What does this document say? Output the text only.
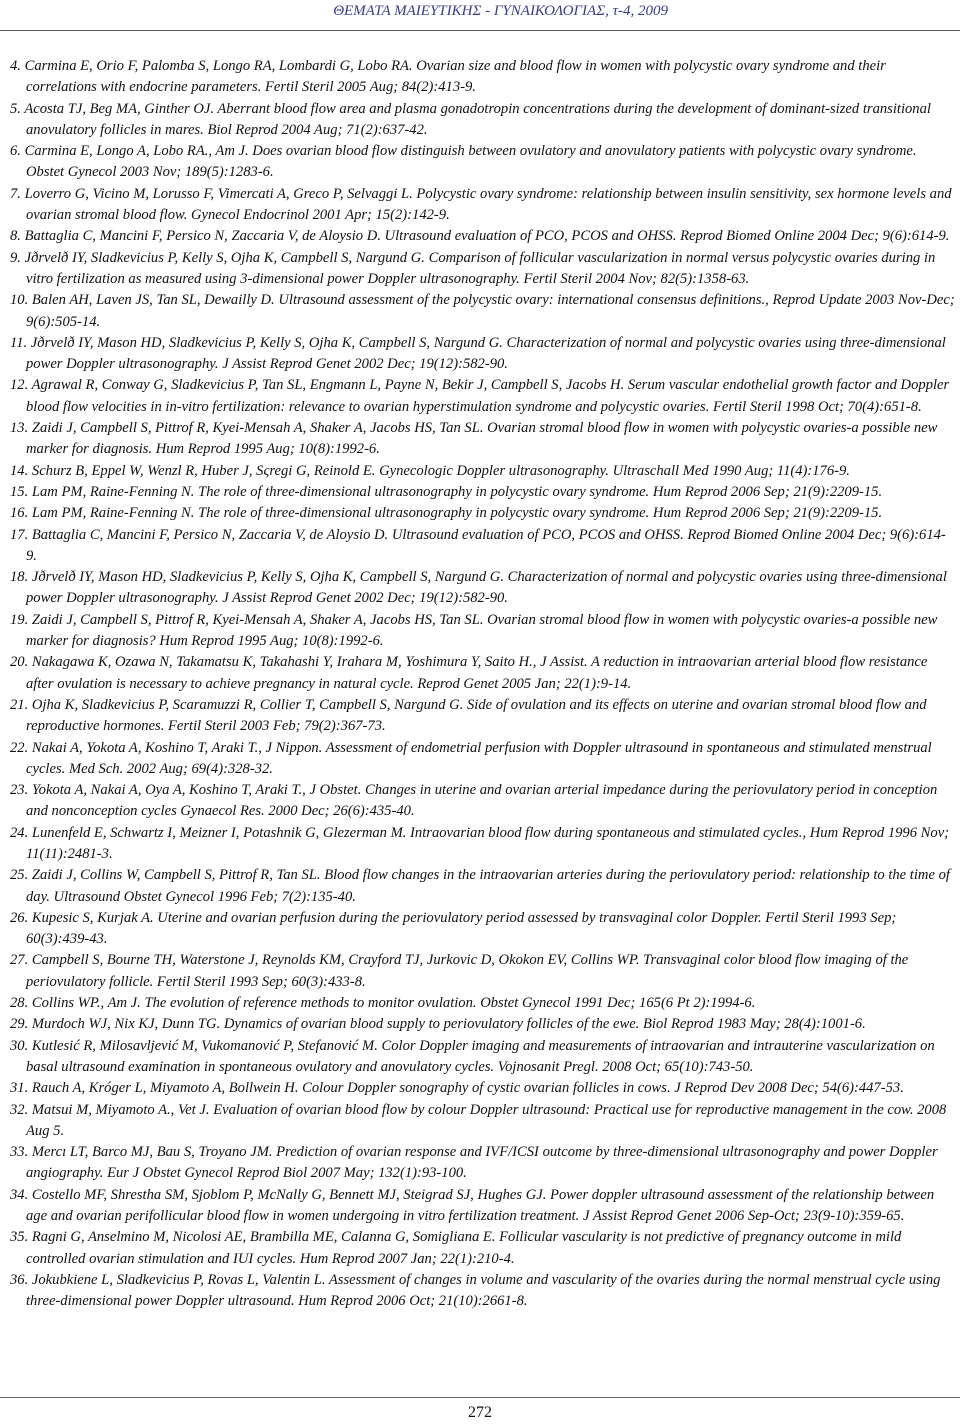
ΘΕΜΑΤΑ ΜΑΙΕΥΤΙΚΗΣ - ΓΥΝΑΙΚΟΛΟΓΙΑΣ, τ-4, 2009

4. Carmina E, Orio F, Palomba S, Longo RA, Lombardi G, Lobo RA. Ovarian size and blood flow in women with polycystic ovary syndrome and their correlations with endocrine parameters. Fertil Steril 2005 Aug; 84(2):413-9.

5. Acosta TJ, Beg MA, Ginther OJ. Aberrant blood flow area and plasma gonadotropin concentrations during the development of dominant-sized transitional anovulatory follicles in mares. Biol Reprod 2004 Aug; 71(2):637-42.

6. Carmina E, Longo A, Lobo RA., Am J. Does ovarian blood flow distinguish between ovulatory and anovulatory patients with polycystic ovary syndrome. Obstet Gynecol 2003 Nov; 189(5):1283-6.

7. Loverro G, Vicino M, Lorusso F, Vimercati A, Greco P, Selvaggi L. Polycystic ovary syndrome: relationship between insulin sensitivity, sex hormone levels and ovarian stromal blood flow. Gynecol Endocrinol 2001 Apr; 15(2):142-9.

8. Battaglia C, Mancini F, Persico N, Zaccaria V, de Aloysio D. Ultrasound evaluation of PCO, PCOS and OHSS. Reprod Biomed Online 2004 Dec; 9(6):614-9.

9. Jðrvelð IY, Sladkevicius P, Kelly S, Ojha K, Campbell S, Nargund G. Comparison of follicular vascularization in normal versus polycystic ovaries during in vitro fertilization as measured using 3-dimensional power Doppler ultrasonography. Fertil Steril 2004 Nov; 82(5):1358-63.

10. Balen AH, Laven JS, Tan SL, Dewailly D. Ultrasound assessment of the polycystic ovary: international consensus definitions., Reprod Update 2003 Nov-Dec; 9(6):505-14.

11. Jðrvelð IY, Mason HD, Sladkevicius P, Kelly S, Ojha K, Campbell S, Nargund G. Characterization of normal and polycystic ovaries using three-dimensional power Doppler ultrasonography. J Assist Reprod Genet 2002 Dec; 19(12):582-90.

12. Agrawal R, Conway G, Sladkevicius P, Tan SL, Engmann L, Payne N, Bekir J, Campbell S, Jacobs H. Serum vascular endothelial growth factor and Doppler blood flow velocities in in-vitro fertilization: relevance to ovarian hyperstimulation syndrome and polycystic ovaries. Fertil Steril 1998 Oct; 70(4):651-8.

13. Zaidi J, Campbell S, Pittrof R, Kyei-Mensah A, Shaker A, Jacobs HS, Tan SL. Ovarian stromal blood flow in women with polycystic ovaries-a possible new marker for diagnosis. Hum Reprod 1995 Aug; 10(8):1992-6.

14. Schurz B, Eppel W, Wenzl R, Huber J, Sςregi G, Reinold E. Gynecologic Doppler ultrasonography. Ultraschall Med 1990 Aug; 11(4):176-9.

15. Lam PM, Raine-Fenning N. The role of three-dimensional ultrasonography in polycystic ovary syndrome. Hum Reprod 2006 Sep; 21(9):2209-15.

16. Lam PM, Raine-Fenning N. The role of three-dimensional ultrasonography in polycystic ovary syndrome. Hum Reprod 2006 Sep; 21(9):2209-15.

17. Battaglia C, Mancini F, Persico N, Zaccaria V, de Aloysio D. Ultrasound evaluation of PCO, PCOS and OHSS. Reprod Biomed Online 2004 Dec; 9(6):614-9.

18. Jðrvelð IY, Mason HD, Sladkevicius P, Kelly S, Ojha K, Campbell S, Nargund G. Characterization of normal and polycystic ovaries using three-dimensional power Doppler ultrasonography. J Assist Reprod Genet 2002 Dec; 19(12):582-90.

19. Zaidi J, Campbell S, Pittrof R, Kyei-Mensah A, Shaker A, Jacobs HS, Tan SL. Ovarian stromal blood flow in women with polycystic ovaries-a possible new marker for diagnosis? Hum Reprod 1995 Aug; 10(8):1992-6.

20. Nakagawa K, Ozawa N, Takamatsu K, Takahashi Y, Irahara M, Yoshimura Y, Saito H., J Assist. A reduction in intraovarian arterial blood flow resistance after ovulation is necessary to achieve pregnancy in natural cycle. Reprod Genet 2005 Jan; 22(1):9-14.

21. Ojha K, Sladkevicius P, Scaramuzzi R, Collier T, Campbell S, Nargund G. Side of ovulation and its effects on uterine and ovarian stromal blood flow and reproductive hormones. Fertil Steril 2003 Feb; 79(2):367-73.

22. Nakai A, Yokota A, Koshino T, Araki T., J Nippon. Assessment of endometrial perfusion with Doppler ultrasound in spontaneous and stimulated menstrual cycles. Med Sch. 2002 Aug; 69(4):328-32.

23. Yokota A, Nakai A, Oya A, Koshino T, Araki T., J Obstet. Changes in uterine and ovarian arterial impedance during the periovulatory period in conception and nonconception cycles Gynaecol Res. 2000 Dec; 26(6):435-40.

24. Lunenfeld E, Schwartz I, Meizner I, Potashnik G, Glezerman M. Intraovarian blood flow during spontaneous and stimulated cycles., Hum Reprod 1996 Nov; 11(11):2481-3.

25. Zaidi J, Collins W, Campbell S, Pittrof R, Tan SL. Blood flow changes in the intraovarian arteries during the periovulatory period: relationship to the time of day. Ultrasound Obstet Gynecol 1996 Feb; 7(2):135-40.

26. Kupesic S, Kurjak A. Uterine and ovarian perfusion during the periovulatory period assessed by transvaginal color Doppler. Fertil Steril 1993 Sep; 60(3):439-43.

27. Campbell S, Bourne TH, Waterstone J, Reynolds KM, Crayford TJ, Jurkovic D, Okokon EV, Collins WP. Transvaginal color blood flow imaging of the periovulatory follicle. Fertil Steril 1993 Sep; 60(3):433-8.

28. Collins WP., Am J. The evolution of reference methods to monitor ovulation. Obstet Gynecol 1991 Dec; 165(6 Pt 2):1994-6.

29. Murdoch WJ, Nix KJ, Dunn TG. Dynamics of ovarian blood supply to periovulatory follicles of the ewe. Biol Reprod 1983 May; 28(4):1001-6.

30. Kutlesić R, Milosavljević M, Vukomanović P, Stefanović M. Color Doppler imaging and measurements of intraovarian and intrauterine vascularization on basal ultrasound examination in spontaneous ovulatory and anovulatory cycles. Vojnosanit Pregl. 2008 Oct; 65(10):743-50.

31. Rauch A, Króger L, Miyamoto A, Bollwein H. Colour Doppler sonography of cystic ovarian follicles in cows. J Reprod Dev 2008 Dec; 54(6):447-53.

32. Matsui M, Miyamoto A., Vet J. Evaluation of ovarian blood flow by colour Doppler ultrasound: Practical use for reproductive management in the cow. 2008 Aug 5.

33. Mercı LT, Barco MJ, Bau S, Troyano JM. Prediction of ovarian response and IVF/ICSI outcome by three-dimensional ultrasonography and power Doppler angiography. Eur J Obstet Gynecol Reprod Biol 2007 May; 132(1):93-100.

34. Costello MF, Shrestha SM, Sjoblom P, McNally G, Bennett MJ, Steigrad SJ, Hughes GJ. Power doppler ultrasound assessment of the relationship between age and ovarian perifollicular blood flow in women undergoing in vitro fertilization treatment. J Assist Reprod Genet 2006 Sep-Oct; 23(9-10):359-65.

35. Ragni G, Anselmino M, Nicolosi AE, Brambilla ME, Calanna G, Somigliana E. Follicular vascularity is not predictive of pregnancy outcome in mild controlled ovarian stimulation and IUI cycles. Hum Reprod 2007 Jan; 22(1):210-4.

36. Jokubkiene L, Sladkevicius P, Rovas L, Valentin L. Assessment of changes in volume and vascularity of the ovaries during the normal menstrual cycle using three-dimensional power Doppler ultrasound. Hum Reprod 2006 Oct; 21(10):2661-8.

272
